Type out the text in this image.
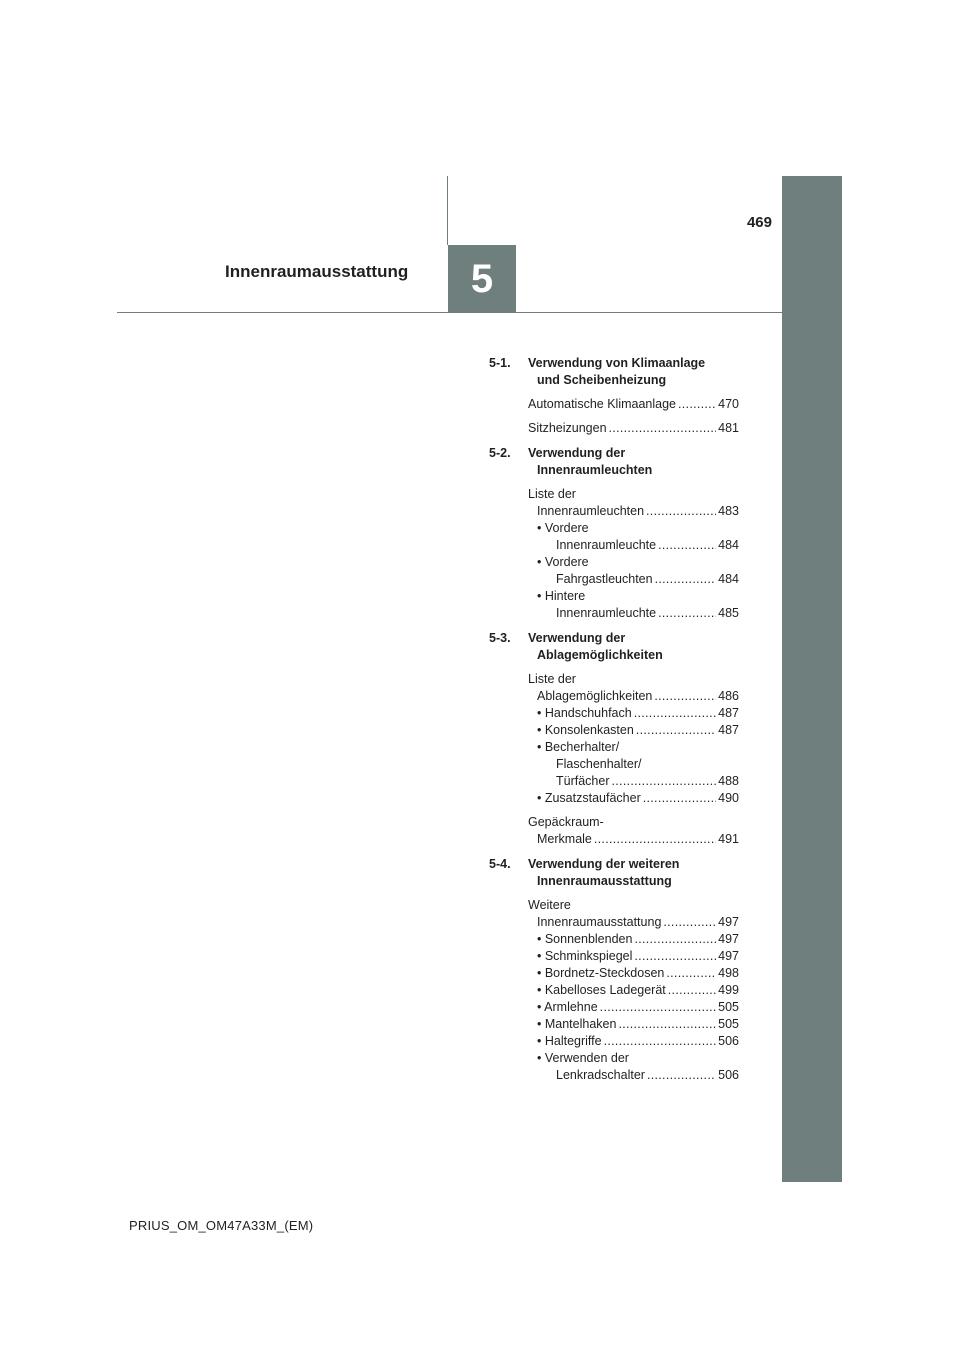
5
469
Innenraumausstattung
5-1.	Verwendung von Klimaanlage
und Scheibenheizung
Automatische Klimaanlage .....	470
Sitzheizungen .....	481
5-2.	Verwendung der
Innenraumleuchten
Liste der
Innenraumleuchten .....	483
• Vordere
Innenraumleuchte .....	484
• Vordere
Fahrgastleuchten .....	484
• Hintere
Innenraumleuchte .....	485
5-3.	Verwendung der
Ablagemöglichkeiten
Liste der
Ablagemöglichkeiten .....	486
• Handschuhfach .....	487
• Konsolenkasten .....	487
• Becherhalter/
Flaschenhalter/
Türfächer .....	488
• Zusatzstaufächer .....	490
Gepäckraum-
Merkmale .....	491
5-4.	Verwendung der weiteren
Innenraumausstattung
Weitere
Innenraumausstattung .....	497
• Sonnenblenden .....	497
• Schminkspiegel .....	497
• Bordnetz-Steckdosen .....	498
• Kabelloses Ladegerät .....	499
• Armlehne .....	505
• Mantelhaken .....	505
• Haltegriffe .....	506
• Verwenden der
Lenkradschalter .....	506
PRIUS_OM_OM47A33M_(EM)
